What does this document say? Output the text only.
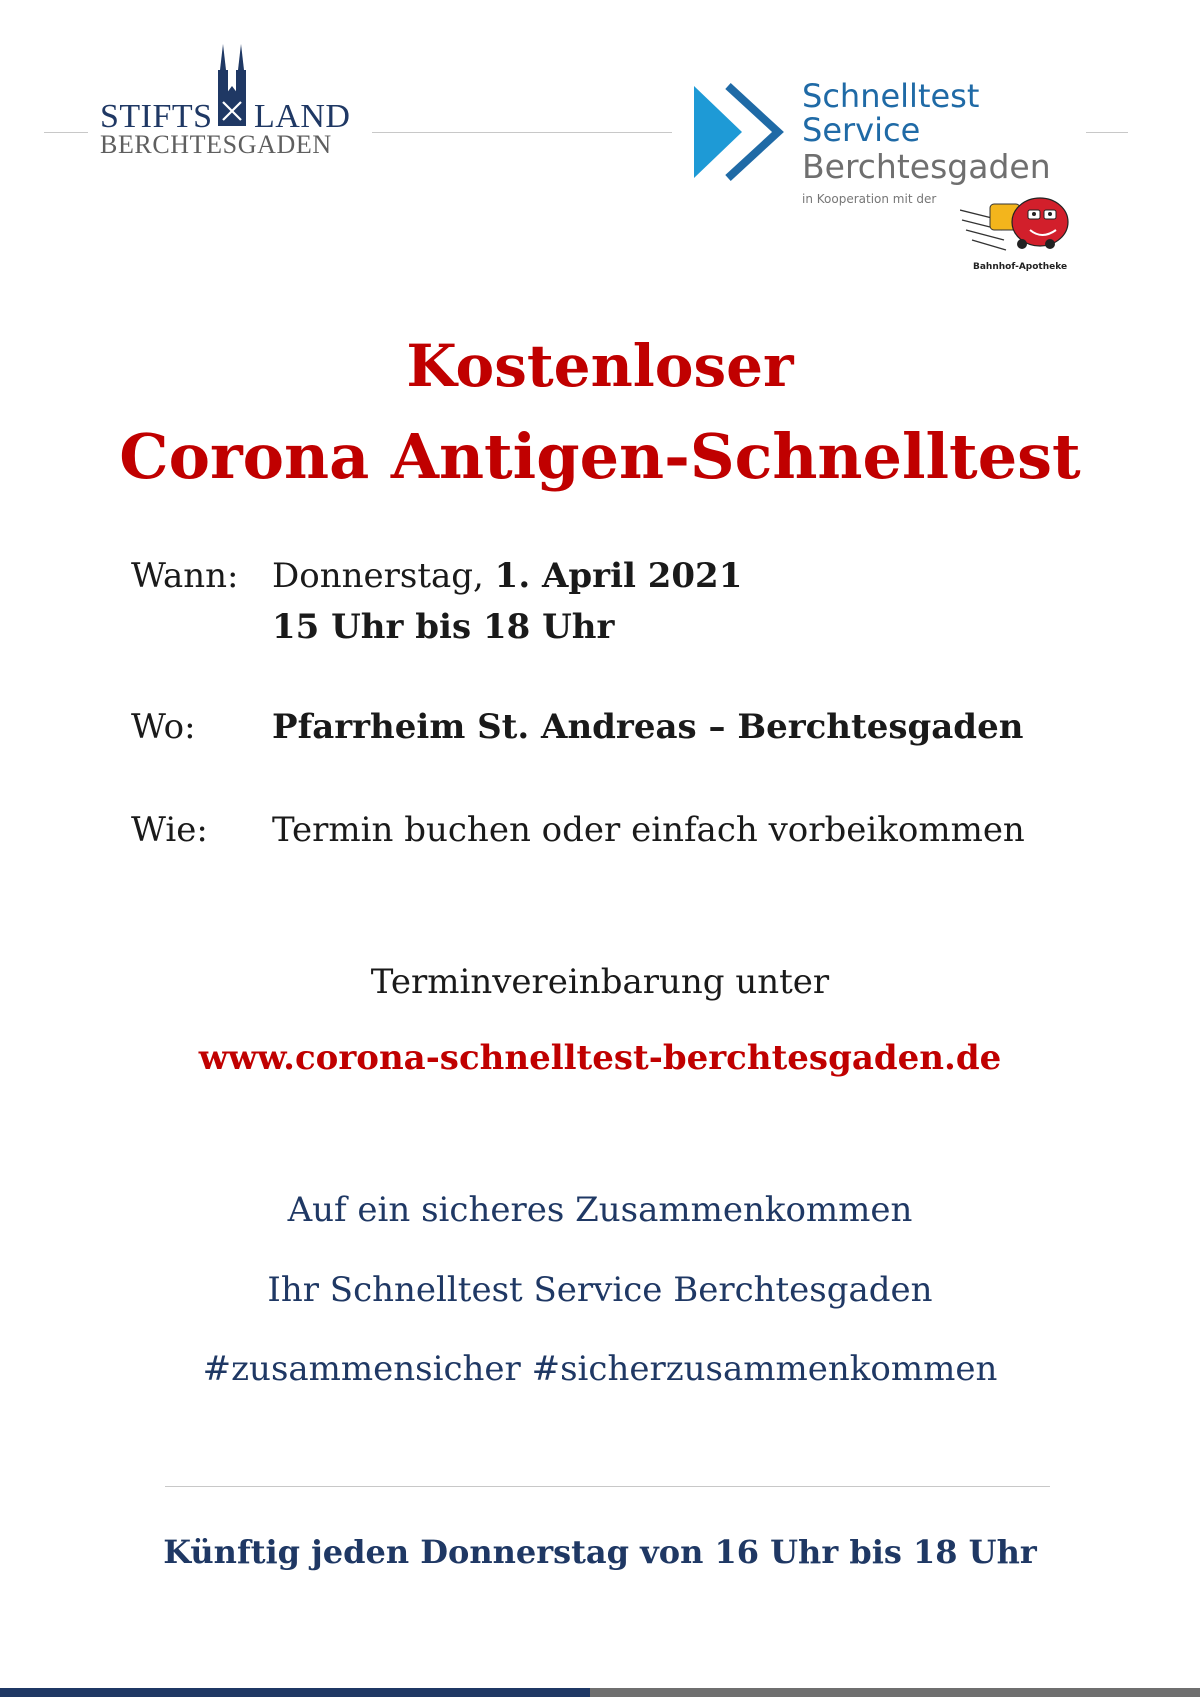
STIFTS LAND
BERCHTESGADEN
Schnelltest
Service
Berchtesgaden
in Kooperation mit der
Bahnhof-Apotheke
Kostenloser
Corona Antigen-Schnelltest
Wann: Donnerstag, 1. April 2021
15 Uhr bis 18 Uhr
Wo: Pfarrheim St. Andreas – Berchtesgaden
Wie: Termin buchen oder einfach vorbeikommen
Terminvereinbarung unter
www.corona-schnelltest-berchtesgaden.de
Auf ein sicheres Zusammenkommen
Ihr Schnelltest Service Berchtesgaden
#zusammensicher #sicherzusammenkommen
Künftig jeden Donnerstag von 16 Uhr bis 18 Uhr
